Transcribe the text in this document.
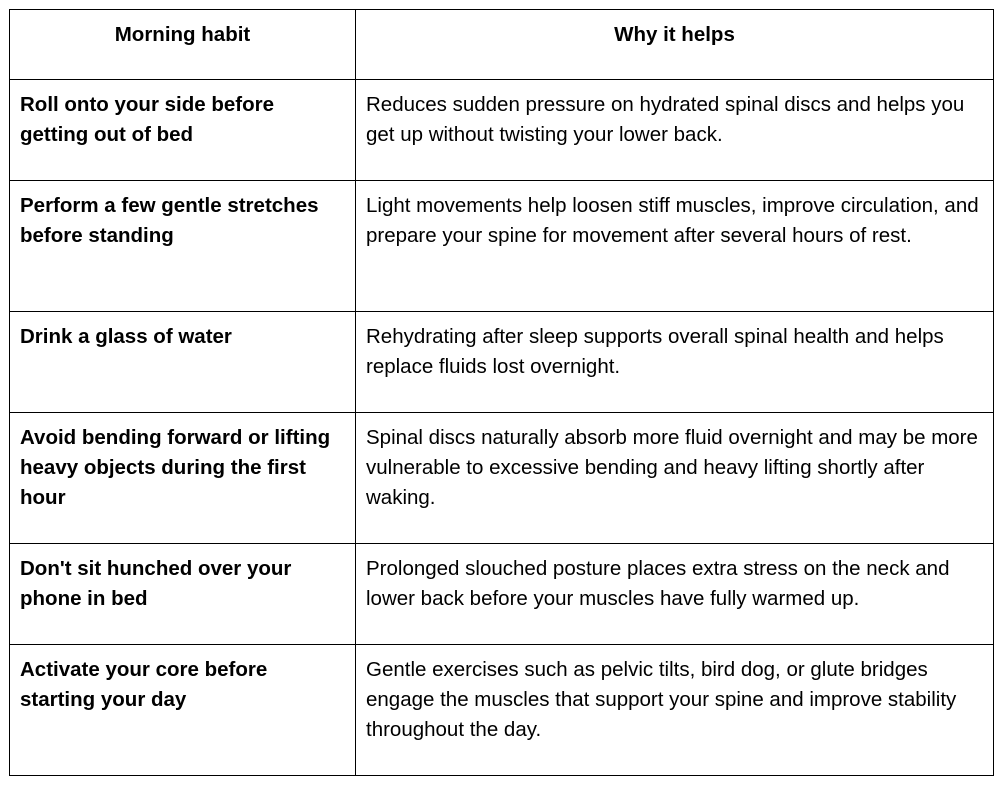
Morning habit	Why it helps
Roll onto your side before getting out of bed	Reduces sudden pressure on hydrated spinal discs and helps you get up without twisting your lower back.
Perform a few gentle stretches before standing	Light movements help loosen stiff muscles, improve circulation, and prepare your spine for movement after several hours of rest.
Drink a glass of water	Rehydrating after sleep supports overall spinal health and helps replace fluids lost overnight.
Avoid bending forward or lifting heavy objects during the first hour	Spinal discs naturally absorb more fluid overnight and may be more vulnerable to excessive bending and heavy lifting shortly after waking.
Don't sit hunched over your phone in bed	Prolonged slouched posture places extra stress on the neck and lower back before your muscles have fully warmed up.
Activate your core before starting your day	Gentle exercises such as pelvic tilts, bird dog, or glute bridges engage the muscles that support your spine and improve stability throughout the day.
